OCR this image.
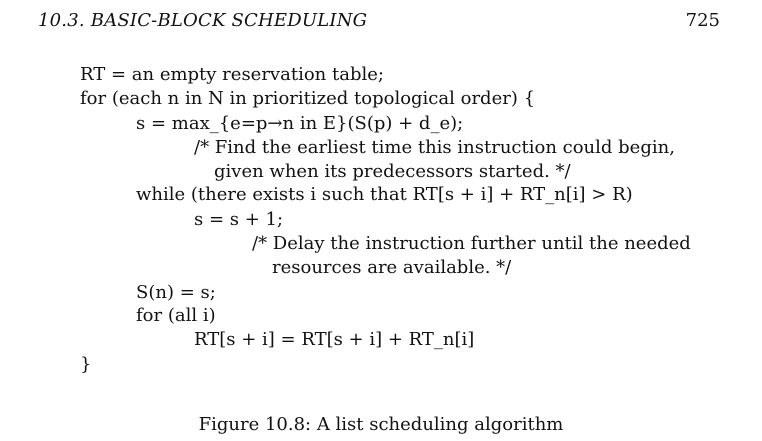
10.3. BASIC-BLOCK SCHEDULING	725
RT = an empty reservation table;
for (each n in N in prioritized topological order) {
s = max_{e=p→n in E}(S(p) + d_e);
/* Find the earliest time this instruction could begin,
given when its predecessors started. */
while (there exists i such that RT[s + i] + RT_n[i] > R)
s = s + 1;
/* Delay the instruction further until the needed
resources are available. */
S(n) = s;
for (all i)
RT[s + i] = RT[s + i] + RT_n[i]
}
Figure 10.8: A list scheduling algorithm
